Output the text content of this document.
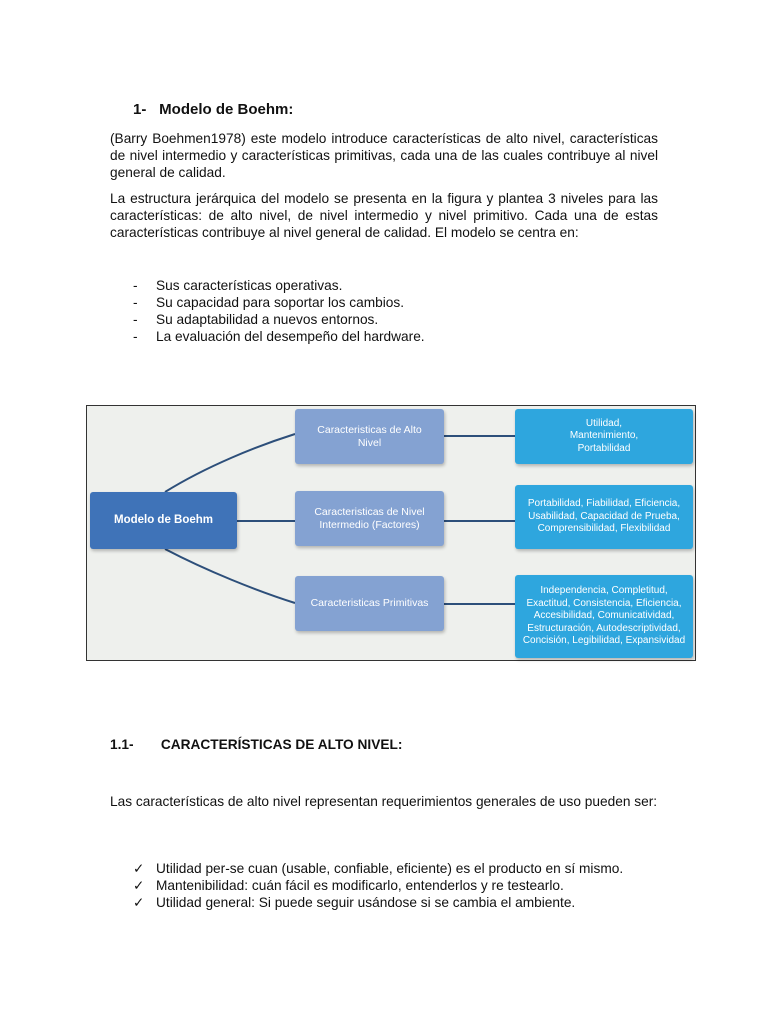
1- Modelo de Boehm:
(Barry Boehmen1978) este modelo introduce características de alto nivel, características de nivel intermedio y características primitivas, cada una de las cuales contribuye al nivel general de calidad.
La estructura jerárquica del modelo se presenta en la figura y plantea 3 niveles para las características: de alto nivel, de nivel intermedio y nivel primitivo. Cada una de estas características contribuye al nivel general de calidad. El modelo se centra en:
-	Sus características operativas.
-	Su capacidad para soportar los cambios.
-	Su adaptabilidad a nuevos entornos.
-	La evaluación del desempeño del hardware.
Modelo de Boehm
Caracteristicas de Alto Nivel
Caracteristicas de Nivel Intermedio (Factores)
Caracteristicas Primitivas
Utilidad, Mantenimiento, Portabilidad
Portabilidad, Fiabilidad, Eficiencia, Usabilidad, Capacidad de Prueba, Comprensibilidad, Flexibilidad
Independencia, Completitud, Exactitud, Consistencia, Eficiencia, Accesibilidad, Comunicatividad, Estructuración, Autodescriptividad, Concisión, Legibilidad, Expansividad
1.1- CARACTERÍSTICAS DE ALTO NIVEL:
Las características de alto nivel representan requerimientos generales de uso pueden ser:
✓ Utilidad per-se cuan (usable, confiable, eficiente) es el producto en sí mismo.
✓ Mantenibilidad: cuán fácil es modificarlo, entenderlos y re testearlo.
✓ Utilidad general: Si puede seguir usándose si se cambia el ambiente.
